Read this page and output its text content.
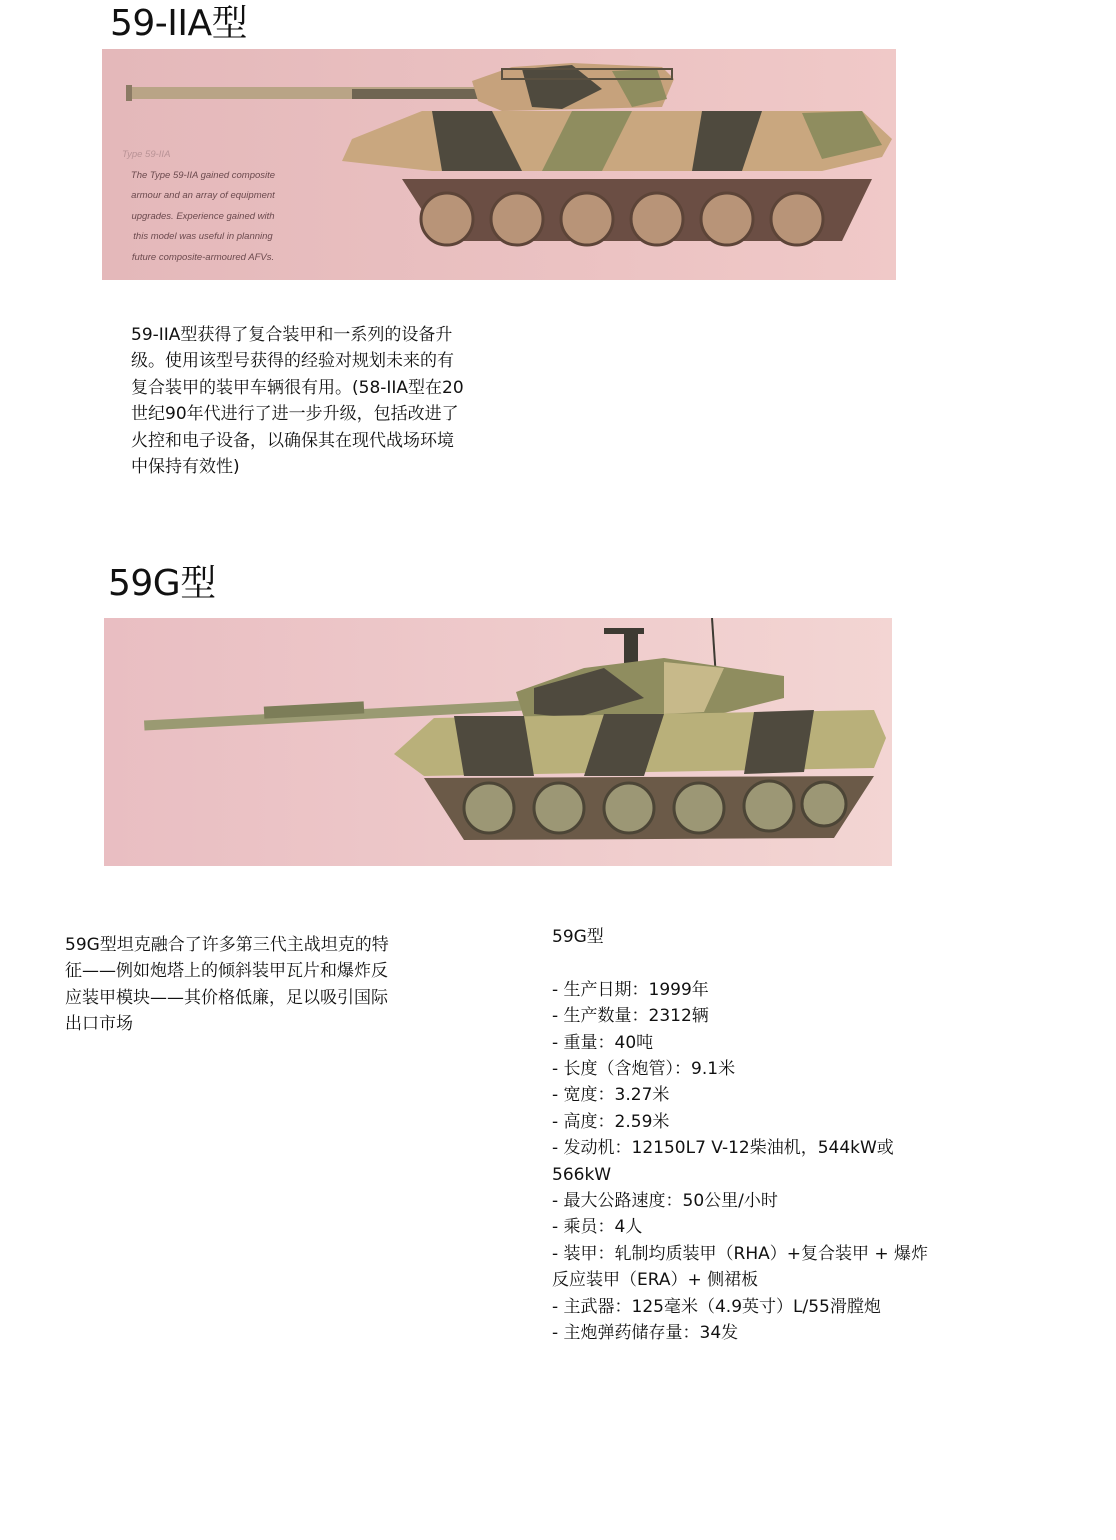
59-IIA型
Type 59-IIA
The Type 59-IIA gained composite
armour and an array of equipment
upgrades. Experience gained with
this model was useful in planning
future composite-armoured AFVs.
59-IIA型获得了复合装甲和一系列的设备升
级。使用该型号获得的经验对规划未来的有
复合装甲的装甲车辆很有用。(58-IIA型在20
世纪90年代进行了进一步升级，包括改进了
火控和电子设备，以确保其在现代战场环境
中保持有效性)
59G型
59G型坦克融合了许多第三代主战坦克的特
征——例如炮塔上的倾斜装甲瓦片和爆炸反
应装甲模块——其价格低廉，足以吸引国际
出口市场
59G型
- 生产日期：1999年
- 生产数量：2312辆
- 重量：40吨
- 长度（含炮管）：9.1米
- 宽度：3.27米
- 高度：2.59米
- 发动机：12150L7 V-12柴油机，544kW或566kW
- 最大公路速度：50公里/小时
- 乘员：4人
- 装甲：轧制均质装甲（RHA）+复合装甲 + 爆炸反应装甲（ERA）+ 侧裙板
- 主武器：125毫米（4.9英寸）L/55滑膛炮
- 主炮弹药储存量：34发
